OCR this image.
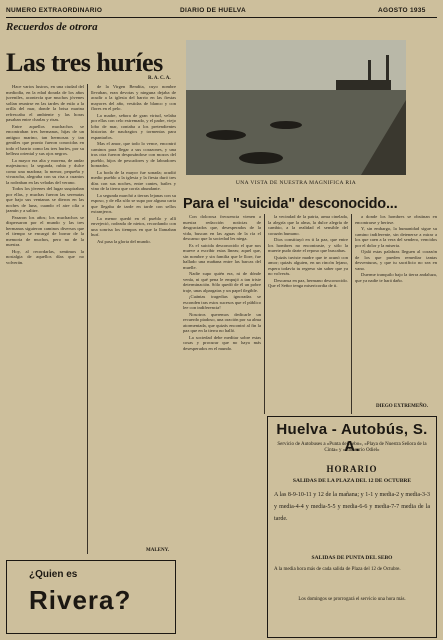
NUMERO EXTRAORDINARIO	DIARIO DE HUELVA	AGOSTO 1935
Recuerdos de otrora
Las tres huríes
R. A. C. A.

Hace varios lustros, en una ciudad del mediodía, en la edad dorada de los años juveniles, acontecía que muchos jóvenes solían reunirse en las tardes de estío a la orilla del mar, donde la brisa marina refrescaba el ambiente y las horas pasaban entre charlas y risas.

Entre aquellos muchachos se encontraban tres hermanas, hijas de un antiguo marino, tan hermosas y tan gentiles que pronto fueron conocidas en todo el barrio como las tres huríes, por su belleza oriental y sus ojos negros.

La mayor era alta y morena, de andar majestuoso; la segunda, rubia y dulce como una madona; la menor, pequeña y vivaracha, alegraba con su risa a cuantos la rodeaban en las veladas del verano.

Todos los jóvenes del lugar suspiraban por ellas, y muchas fueron las serenatas que bajo sus ventanas se dieron en las noches de luna, cuando el aire olía a jazmín y a salitre.

Pasaron los años; los muchachos se dispersaron por el mundo y las tres hermanas siguieron caminos diversos que el tiempo se encargó de borrar de la memoria de muchos, pero no de la nuestra.

Hoy, al recordarlas, sentimos la nostalgia de aquellos días que no volverán.

de la Virgen Bendita, cuyo nombre llevaban, eran devotas y ninguna dejaba de acudir a la iglesia del barrio en las fiestas mayores del año, vestidas de blanco y con flores en el pelo.

La madre, señora de gran virtud, velaba por ellas con celo extremado, y el padre, viejo lobo de mar, contaba a los pretendientes historias de naufragios y tormentas para espantarlos.

Mas el amor, que todo lo vence, encontró caminos para llegar a sus corazones, y una tras otra fueron desposándose con mozos del pueblo, hijos de pescadores y de labradores honrados.

La boda de la mayor fue sonada; acudió medio pueblo a la iglesia y la fiesta duró tres días con sus noches, entre cantes, bailes y vino de la tierra que corría abundante.

La segunda marchó a tierras lejanas con su esposo, y de ella sólo se supo por alguna carta que llegaba de tarde en tarde con sellos extranjeros.

La menor quedó en el pueblo y allí envejeció, rodeada de nietos, recordando con una sonrisa los tiempos en que la llamaban hurí.

Así pasa la gloria del mundo.

MALENY.
UNA VISTA DE NUESTRA MAGNIFICA RIA
Para el "suicida" desconocido...

Con dolorosa frecuencia vienen a nuestra redacción noticias de desgraciados que, desesperados de la vida, buscan en las aguas de la ría el descanso que la sociedad les niega.

Es el suicida desconocido el que nos mueve a escribir estas líneas; aquel que, sin nombre y sin familia que le llore, fue hallado una mañana entre las barcas del muelle.

Nadie supo quién era, ni de dónde venía, ni qué pena le empujó a tan triste determinación. Sólo quedó de él un pobre traje, unas alpargatas y un papel ilegible.

¡Cuántas tragedias ignoradas se esconden tras estos sucesos que el público lee con indiferencia!

Nosotros queremos dedicarle un recuerdo piadoso, una oración por su alma atormentada, que quizás encontró al fin la paz que en la tierra no halló.

La sociedad debe meditar sobre estas cosas y procurar que no haya más desesperados en el mundo.

la vecindad de la patria, arma cinelada, la alegría que la alma, la dulce alegría de cambio, a la realidad el sensible del corazón humano.

Dios constituyó en ti la paz, que entre los hombres no encontraste, y sólo la muerte pudo darte el reposo que buscabas.

Quizás tuviste madre que te acunó con amor; quizás alguien, en un rincón lejano, espera todavía tu regreso sin saber que ya no volverás.

Descansa en paz, hermano desconocido. Que el Señor tenga misericordia de ti.

a donde los hombres se obstinan en encontrarse y herirse.

Y, sin embargo, la humanidad sigue su camino indiferente, sin detenerse a mirar a los que caen a la vera del sendero, vencidos por el dolor y la miseria.

Ojalá estas palabras lleguen al corazón de los que pueden remediar tantas desventuras, y que tu sacrificio no sea en vano.

Duerme tranquilo bajo la tierra andaluza, que ya nadie te hará daño.

DIEGO EXTREMEÑO.
Huelva - Autobús, S. A.
Servicio de Autobuses a «Punta del Sebo», «Playa de Nuestra Señora de la Cinta» y «Balneario Odiel»
HORARIO
SALIDAS DE LA PLAZA DEL 12 DE OCTUBRE
A las 8-9-10-11 y 12 de la mañana; y 1-1 y media-2 y media-3-3 y media-4-4 y media-5-5 y media-6-6 y media-7-7 media de la tarde.
SALIDAS DE PUNTA DEL SEBO
A la media hora más de cada salida de Plaza del 12 de Octubre.
Los domingos se prorrogará el servicio una hora más.
¿Quien es
Rivera?
